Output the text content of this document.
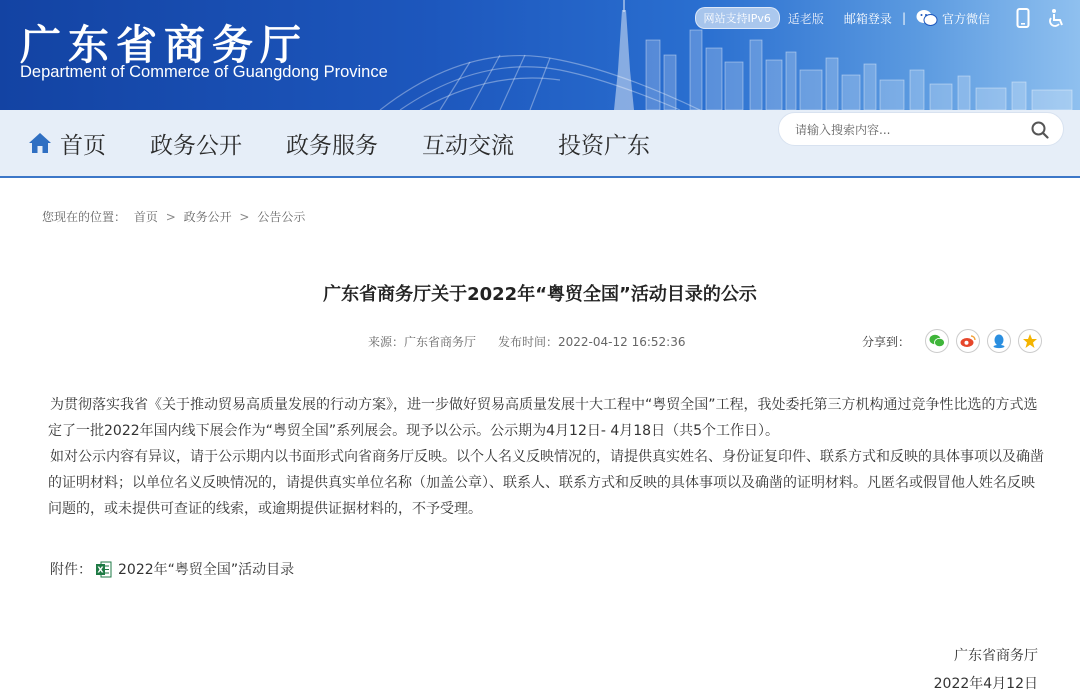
广东省商务厅
Department of Commerce of Guangdong Province
网站支持IPv6	适老版 邮箱登录 |	官方微信
首页 政务公开 政务服务 互动交流 投资广东
请输入搜索内容...
您现在的位置： 首页 > 政务公开 > 公告公示
广东省商务厅关于2022年“粤贸全国”活动目录的公示
来源：广东省商务厅 发布时间：2022-04-12 16:52:36	分享到：

为贯彻落实我省《关于推动贸易高质量发展的行动方案》，进一步做好贸易高质量发展十大工程中“粤贸全国”工程，我处委托第三方机构通过竞争性比选的方式选定了一批2022年国内线下展会作为“粤贸全国”系列展会。现予以公示。公示期为4月12日- 4月18日（共5个工作日）。

如对公示内容有异议，请于公示期内以书面形式向省商务厅反映。以个人名义反映情况的，请提供真实姓名、身份证复印件、联系方式和反映的具体事项以及确凿的证明材料；以单位名义反映情况的，请提供真实单位名称（加盖公章）、联系人、联系方式和反映的具体事项以及确凿的证明材料。凡匿名或假冒他人姓名反映问题的，或未提供可查证的线索，或逾期提供证据材料的，不予受理。

附件： X 2022年“粤贸全国”活动目录
广东省商务厅
2022年4月12日
